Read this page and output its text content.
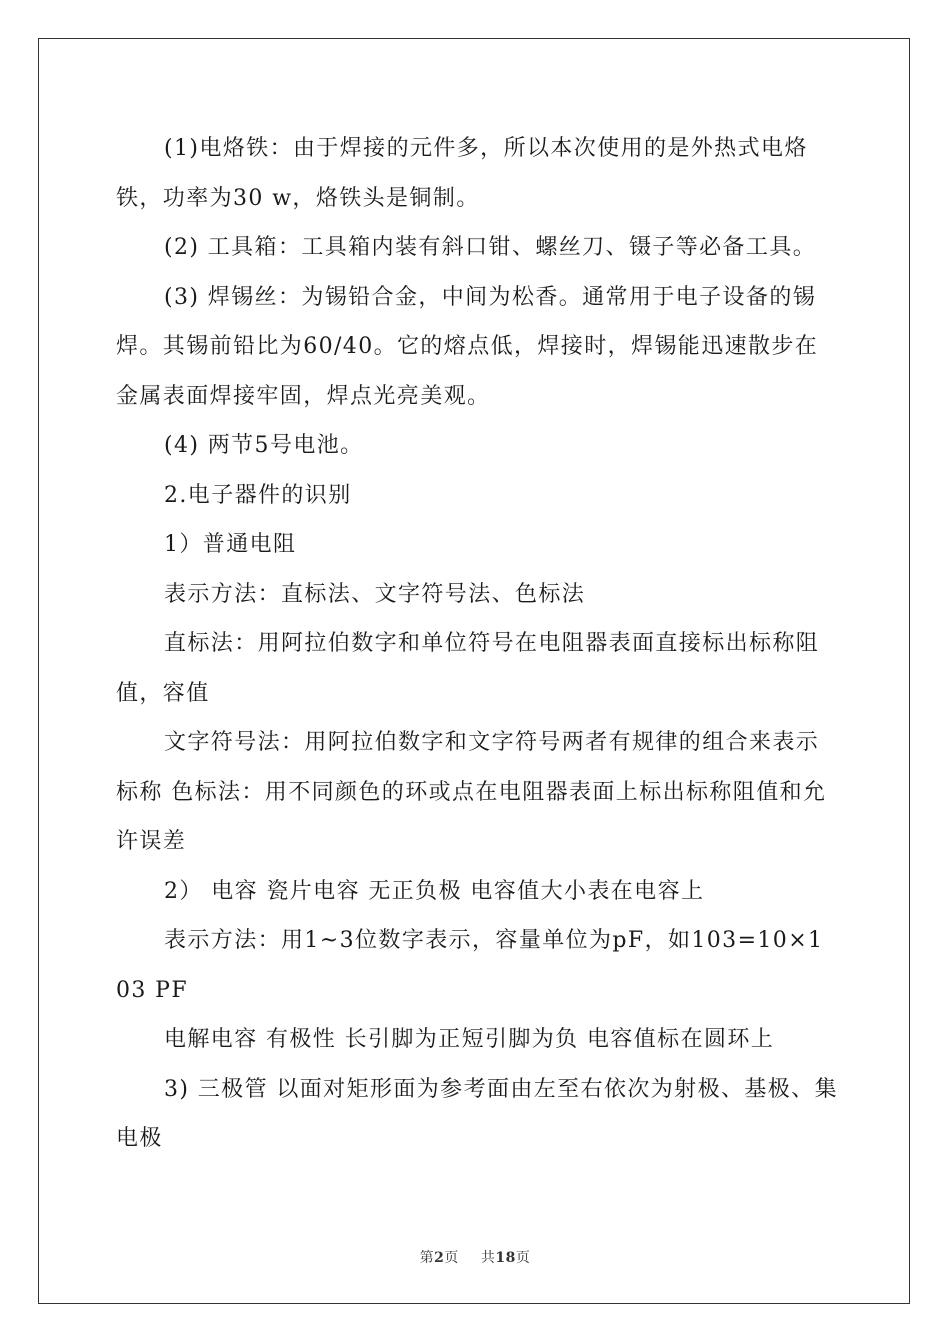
(1)电烙铁：由于焊接的元件多，所以本次使用的是外热式电烙铁，功率为30 w，烙铁头是铜制。

(2) 工具箱：工具箱内装有斜口钳、螺丝刀、镊子等必备工具。

(3) 焊锡丝：为锡铅合金，中间为松香。通常用于电子设备的锡焊。其锡前铅比为60/40。它的熔点低，焊接时，焊锡能迅速散步在金属表面焊接牢固，焊点光亮美观。

(4) 两节5号电池。

2.电子器件的识别

1）普通电阻

表示方法：直标法、文字符号法、色标法

直标法：用阿拉伯数字和单位符号在电阻器表面直接标出标称阻值，容值

文字符号法：用阿拉伯数字和文字符号两者有规律的组合来表示标称 色标法：用不同颜色的环或点在电阻器表面上标出标称阻值和允许误差

2） 电容 瓷片电容 无正负极 电容值大小表在电容上

表示方法：用1~3位数字表示，容量单位为pF，如103=10×103 PF

电解电容 有极性 长引脚为正短引脚为负 电容值标在圆环上

3) 三极管 以面对矩形面为参考面由左至右依次为射极、基极、集电极

第2页 共18页
